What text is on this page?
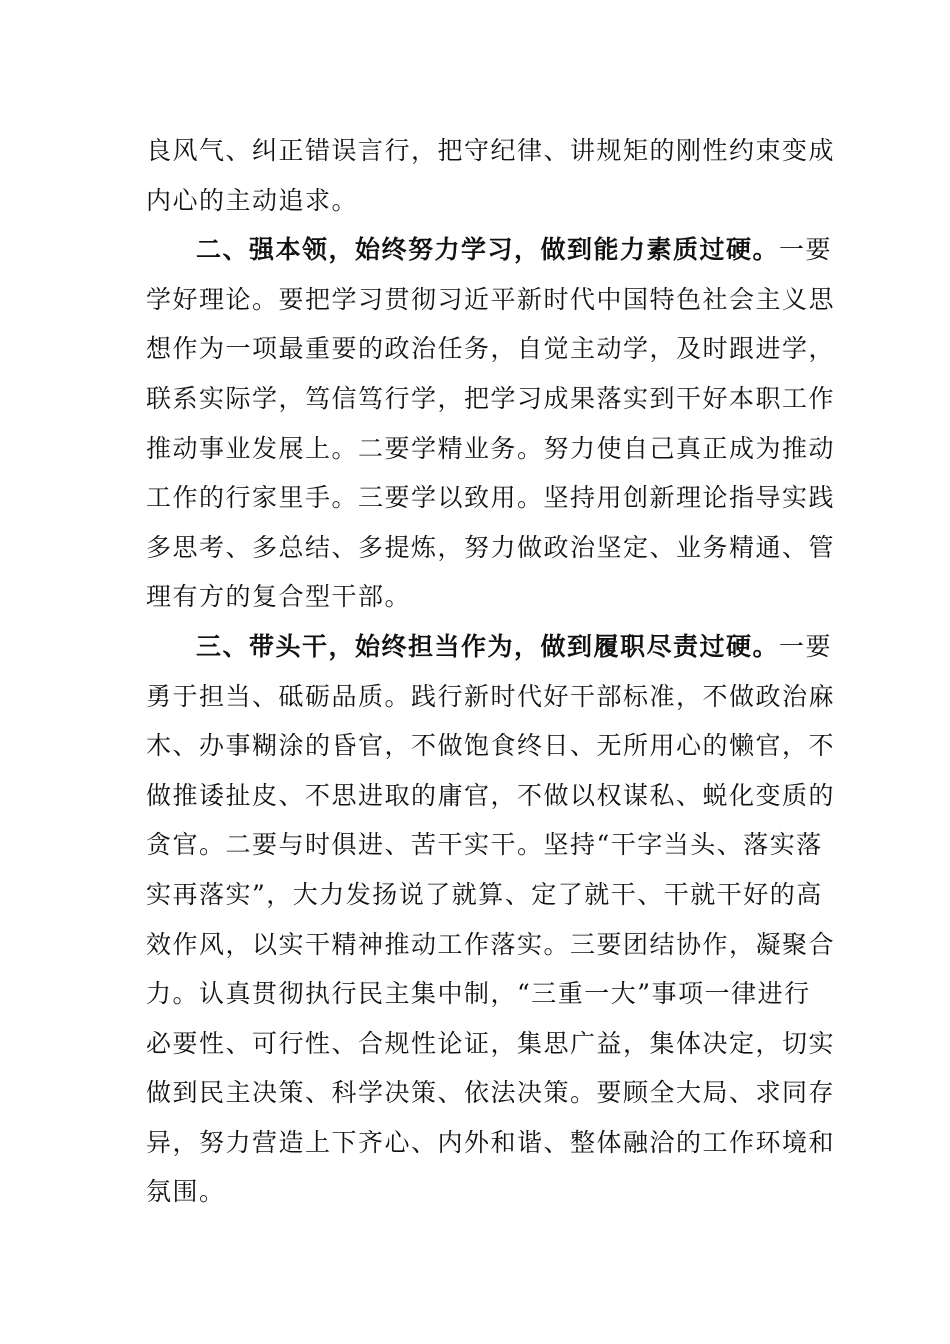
良风气、纠正错误言行，把守纪律、讲规矩的刚性约束变成
内心的主动追求。
二、强本领，始终努力学习，做到能力素质过硬。一要
学好理论。要把学习贯彻习近平新时代中国特色社会主义思
想作为一项最重要的政治任务，自觉主动学，及时跟进学，
联系实际学，笃信笃行学，把学习成果落实到干好本职工作
推动事业发展上。二要学精业务。努力使自己真正成为推动
工作的行家里手。三要学以致用。坚持用创新理论指导实践
多思考、多总结、多提炼，努力做政治坚定、业务精通、管
理有方的复合型干部。
三、带头干，始终担当作为，做到履职尽责过硬。一要
勇于担当、砥砺品质。践行新时代好干部标准，不做政治麻
木、办事糊涂的昏官，不做饱食终日、无所用心的懒官，不
做推诿扯皮、不思进取的庸官，不做以权谋私、蜕化变质的
贪官。二要与时俱进、苦干实干。坚持“干字当头、落实落
实再落实”，大力发扬说了就算、定了就干、干就干好的高
效作风，以实干精神推动工作落实。三要团结协作，凝聚合
力。认真贯彻执行民主集中制，“三重一大”事项一律进行
必要性、可行性、合规性论证，集思广益，集体决定，切实
做到民主决策、科学决策、依法决策。要顾全大局、求同存
异，努力营造上下齐心、内外和谐、整体融洽的工作环境和
氛围。
